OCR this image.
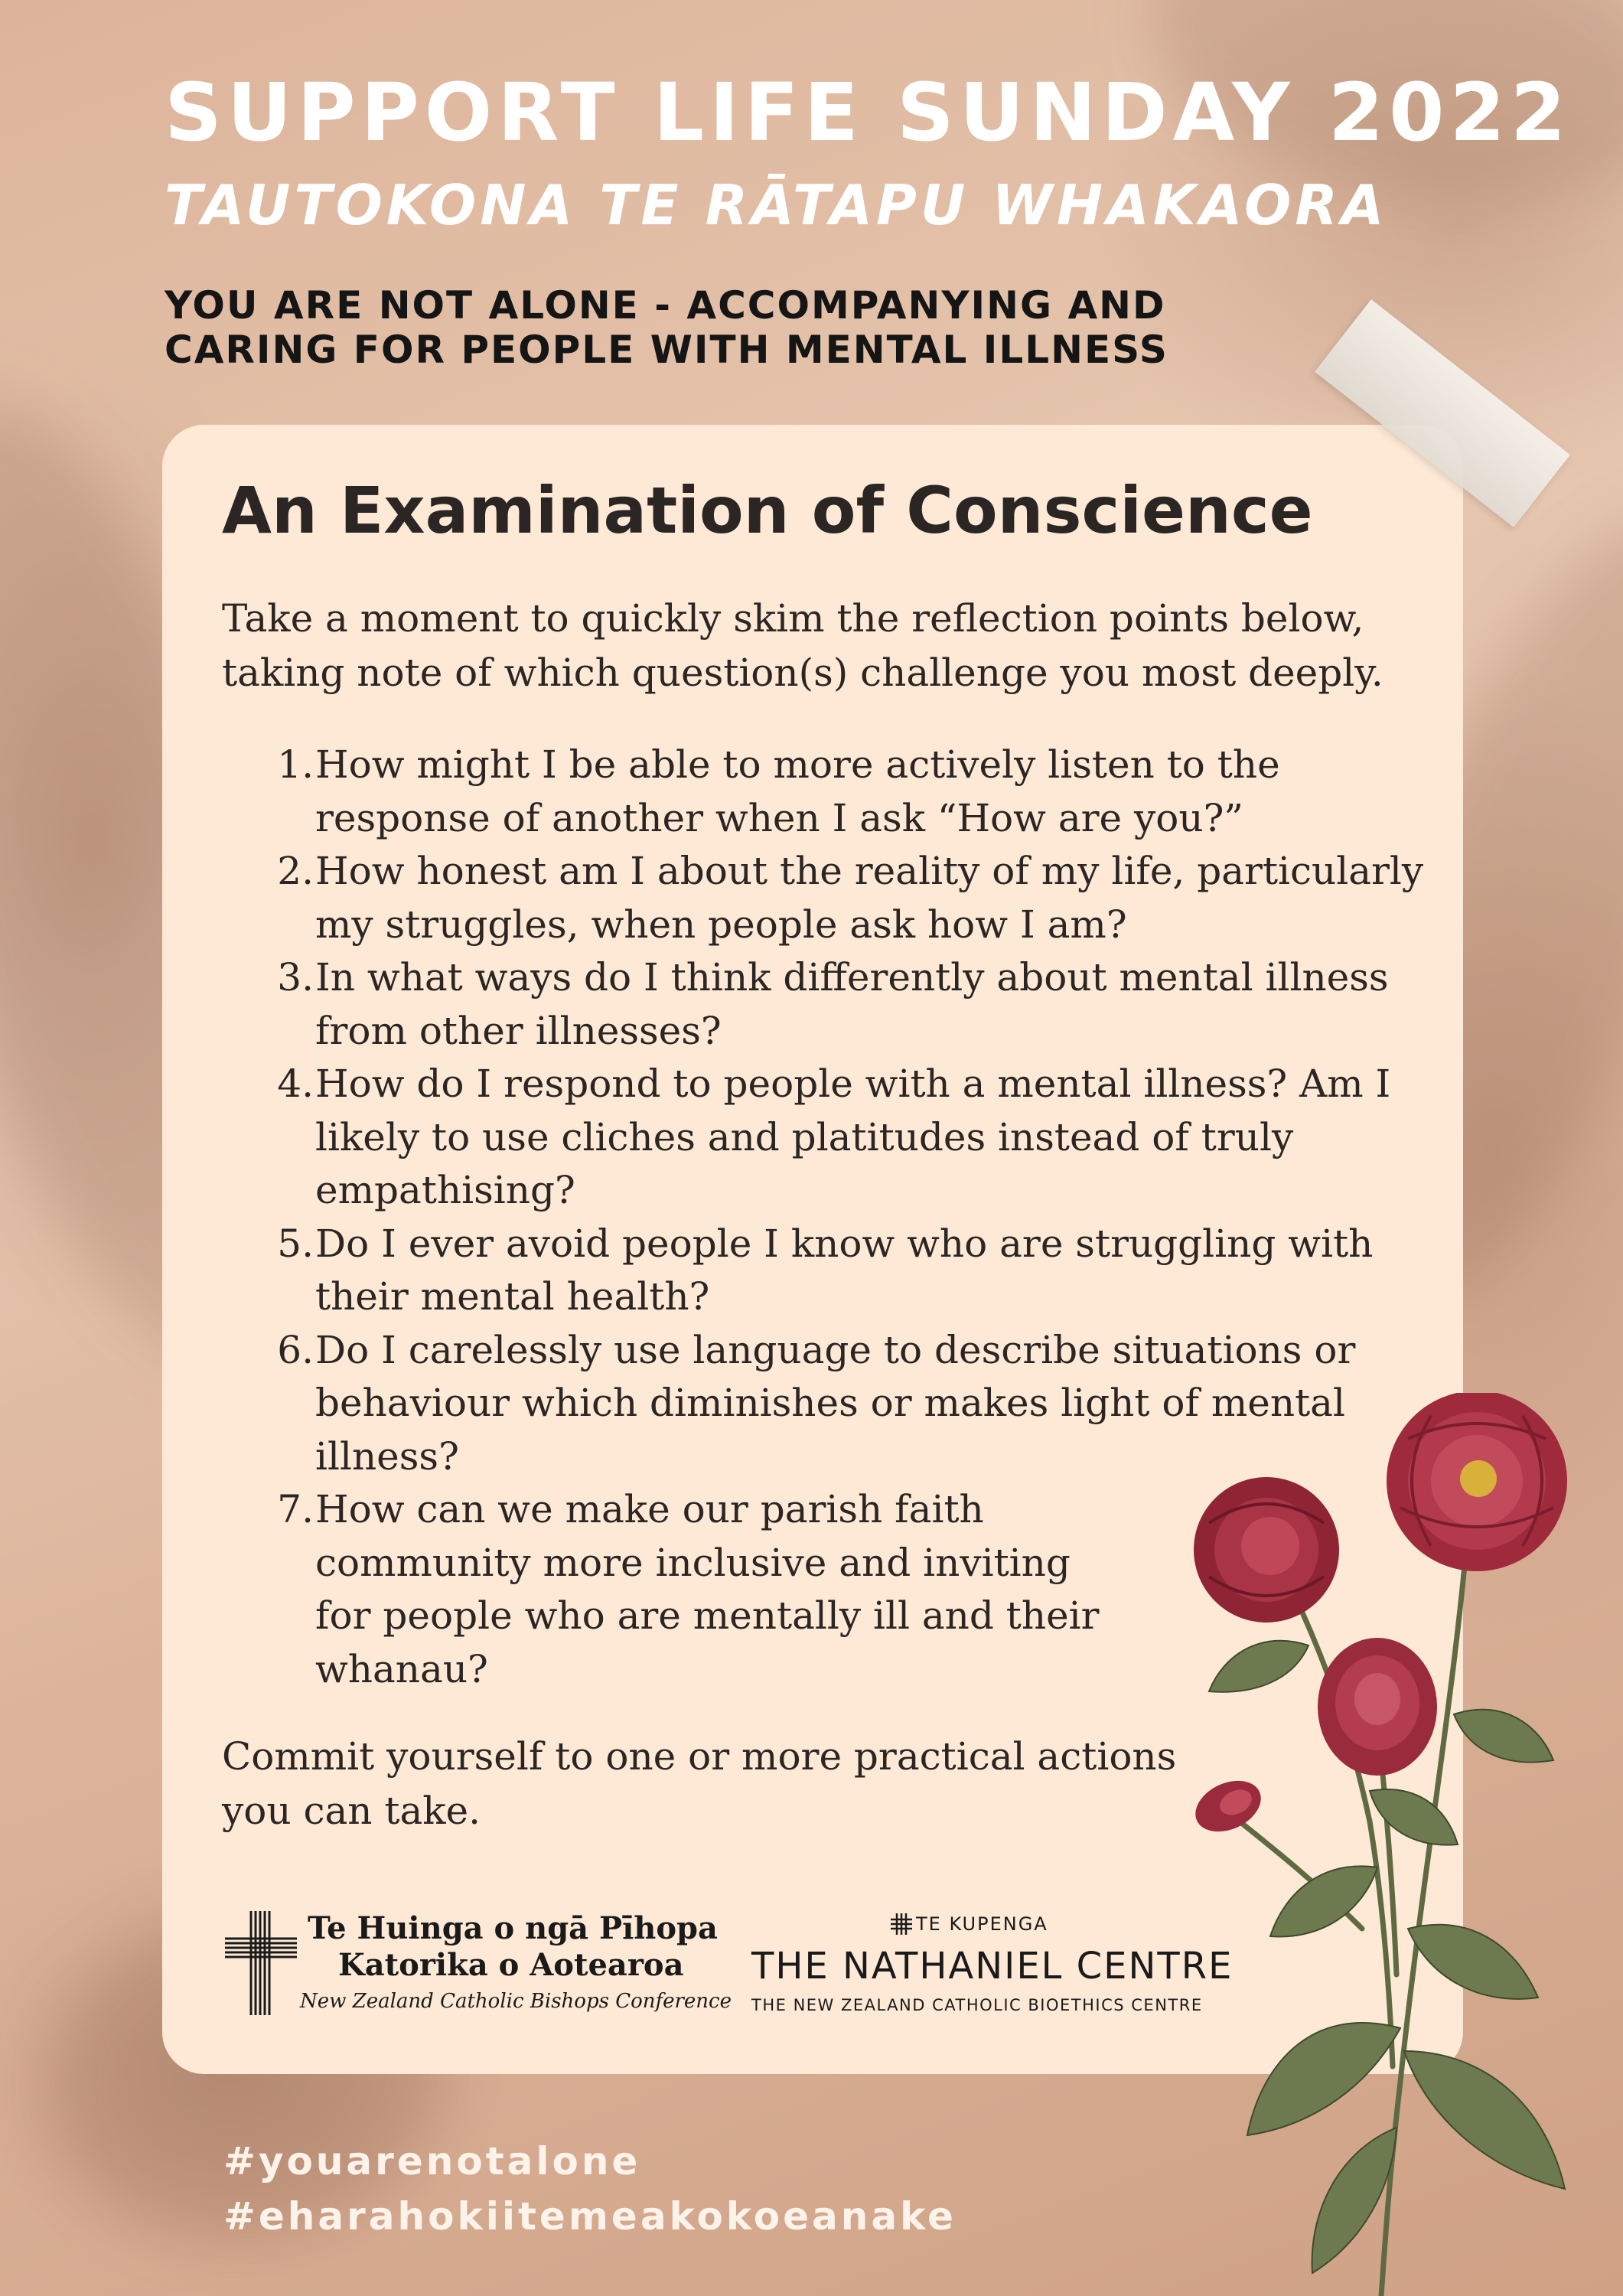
SUPPORT LIFE SUNDAY 2022
TAUTOKONA TE RĀTAPU WHAKAORA

YOU ARE NOT ALONE - ACCOMPANYING AND
CARING FOR PEOPLE WITH MENTAL ILLNESS

An Examination of Conscience

Take a moment to quickly skim the reflection points below,
taking note of which question(s) challenge you most deeply.

1. How might I be able to more actively listen to the
response of another when I ask “How are you?”
2. How honest am I about the reality of my life, particularly
my struggles, when people ask how I am?
3. In what ways do I think differently about mental illness
from other illnesses?
4. How do I respond to people with a mental illness? Am I
likely to use cliches and platitudes instead of truly
empathising?
5. Do I ever avoid people I know who are struggling with
their mental health?
6. Do I carelessly use language to describe situations or
behaviour which diminishes or makes light of mental
illness?
7. How can we make our parish faith
community more inclusive and inviting
for people who are mentally ill and their
whanau?

Commit yourself to one or more practical actions
you can take.

Te Huinga o ngā Pīhopa
Katorika o Aotearoa
New Zealand Catholic Bishops Conference
TE KUPENGA
THE NATHANIEL CENTRE
THE NEW ZEALAND CATHOLIC BIOETHICS CENTRE

#youarenotalone
#eharahokiitemeakokoeanake
